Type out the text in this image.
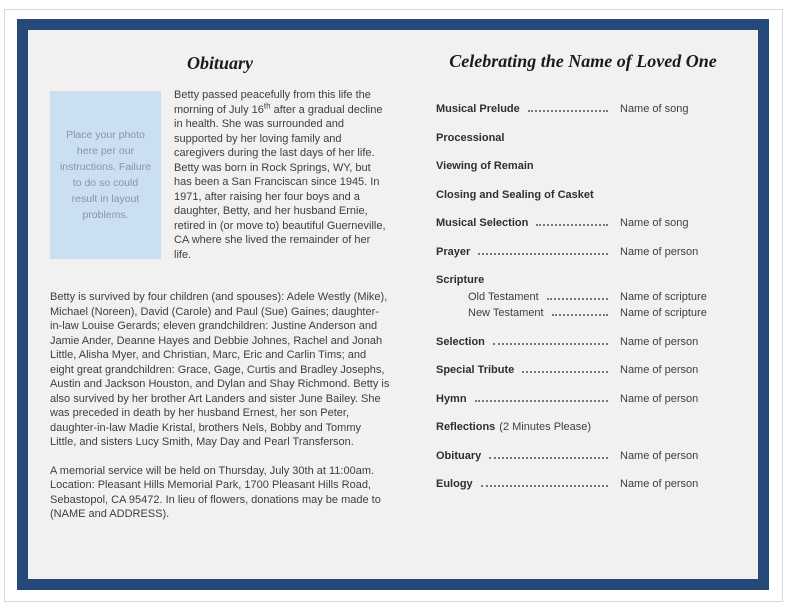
Obituary
Place your photo here per our instructions. Failure to do so could result in layout problems.

Betty passed peacefully from this life the morning of July 16th after a gradual decline in health. She was surrounded and supported by her loving family and caregivers during the last days of her life. Betty was born in Rock Springs, WY, but has been a San Franciscan since 1945. In 1971, after raising her four boys and a daughter, Betty, and her husband Ernie, retired in (or move to) beautiful Guerneville, CA where she lived the remainder of her life.

Betty is survived by four children (and spouses): Adele Westly (Mike), Michael (Noreen), David (Carole) and Paul (Sue) Gaines; daughter-in-law Louise Gerards; eleven grandchildren: Justine Anderson and Jamie Ander, Deanne Hayes and Debbie Johnes, Rachel and Jonah Little, Alisha Myer, and Christian, Marc, Eric and Carlin Tims; and eight great grandchildren: Grace, Gage, Curtis and Bradley Josephs, Austin and Jackson Houston, and Dylan and Shay Richmond. Betty is also survived by her brother Art Landers and sister June Bailey. She was preceded in death by her husband Ernest, her son Peter, daughter-in-law Madie Kristal, brothers Nels, Bobby and Tommy Little, and sisters Lucy Smith, May Day and Pearl Transferson.

A memorial service will be held on Thursday, July 30th at 11:00am. Location: Pleasant Hills Memorial Park, 1700 Pleasant Hills Road, Sebastopol, CA 95472. In lieu of flowers, donations may be made to (NAME and ADDRESS).

Celebrating the Name of Loved One
Musical Prelude	Name of song
Processional
Viewing of Remain
Closing and Sealing of Casket
Musical Selection	Name of song
Prayer	Name of person
Scripture
Old Testament	Name of scripture
New Testament	Name of scripture
Selection	Name of person
Special Tribute	Name of person
Hymn	Name of person
Reflections (2 Minutes Please)
Obituary	Name of person
Eulogy	Name of person
